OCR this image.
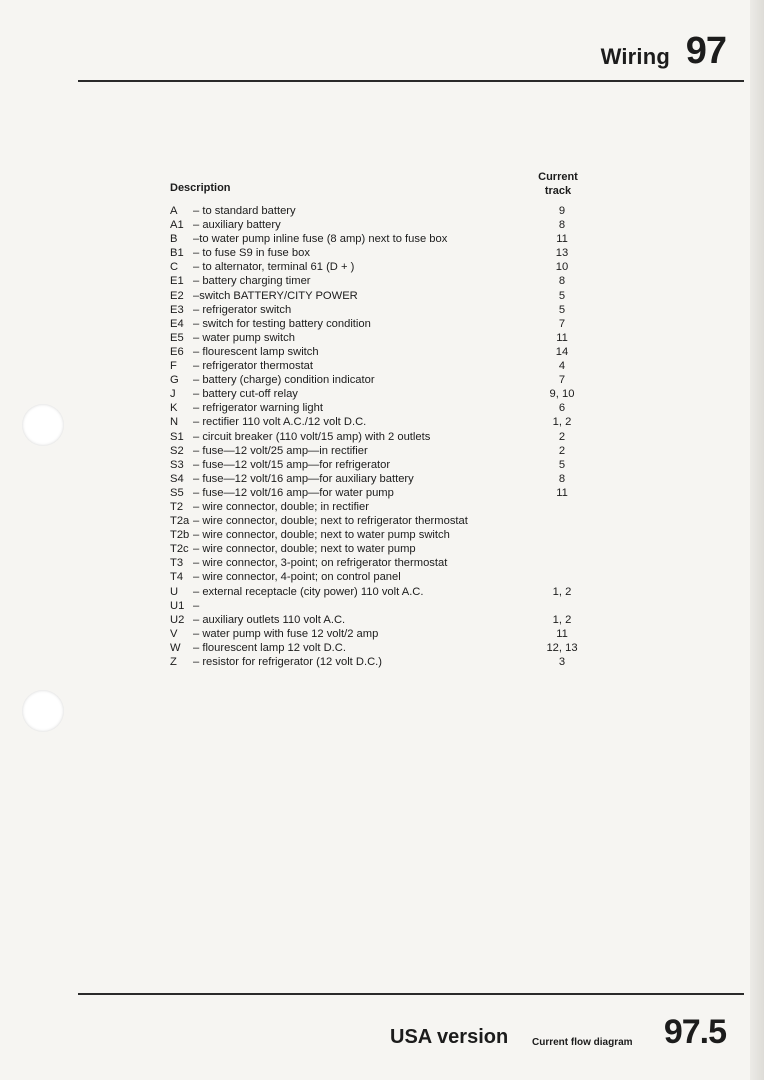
Wiring 97
Description
Current track
A	– to standard battery	9
A1 – auxiliary battery	8
B	–to water pump inline fuse (8 amp) next to fuse box	11
B1 – to fuse S9 in fuse box	13
C	– to alternator, terminal 61 (D + )	10
E1 – battery charging timer	8
E2 –switch BATTERY/CITY POWER	5
E3 – refrigerator switch	5
E4 – switch for testing battery condition	7
E5 – water pump switch	11
E6 – flourescent lamp switch	14
F	– refrigerator thermostat	4
G	– battery (charge) condition indicator	7
J	– battery cut-off relay	9, 10
K	– refrigerator warning light	6
N	– rectifier 110 volt A.C./12 volt D.C.	1, 2
S1 – circuit breaker (110 volt/15 amp) with 2 outlets	2
S2 – fuse—12 volt/25 amp—in rectifier	2
S3 – fuse—12 volt/15 amp—for refrigerator	5
S4 – fuse—12 volt/16 amp—for auxiliary battery	8
S5 – fuse—12 volt/16 amp—for water pump	11
T2 – wire connector, double; in rectifier
T2a – wire connector, double; next to refrigerator thermostat
T2b – wire connector, double; next to water pump switch
T2c – wire connector, double; next to water pump
T3 – wire connector, 3-point; on refrigerator thermostat
T4 – wire connector, 4-point; on control panel
U	– external receptacle (city power) 110 volt A.C.	1, 2
U1 –
U2 – auxiliary outlets 110 volt A.C.	1, 2
V	– water pump with fuse 12 volt/2 amp	11
W	– flourescent lamp 12 volt D.C.	12, 13
Z	– resistor for refrigerator (12 volt D.C.)	3
USA version Current flow diagram 97.5
